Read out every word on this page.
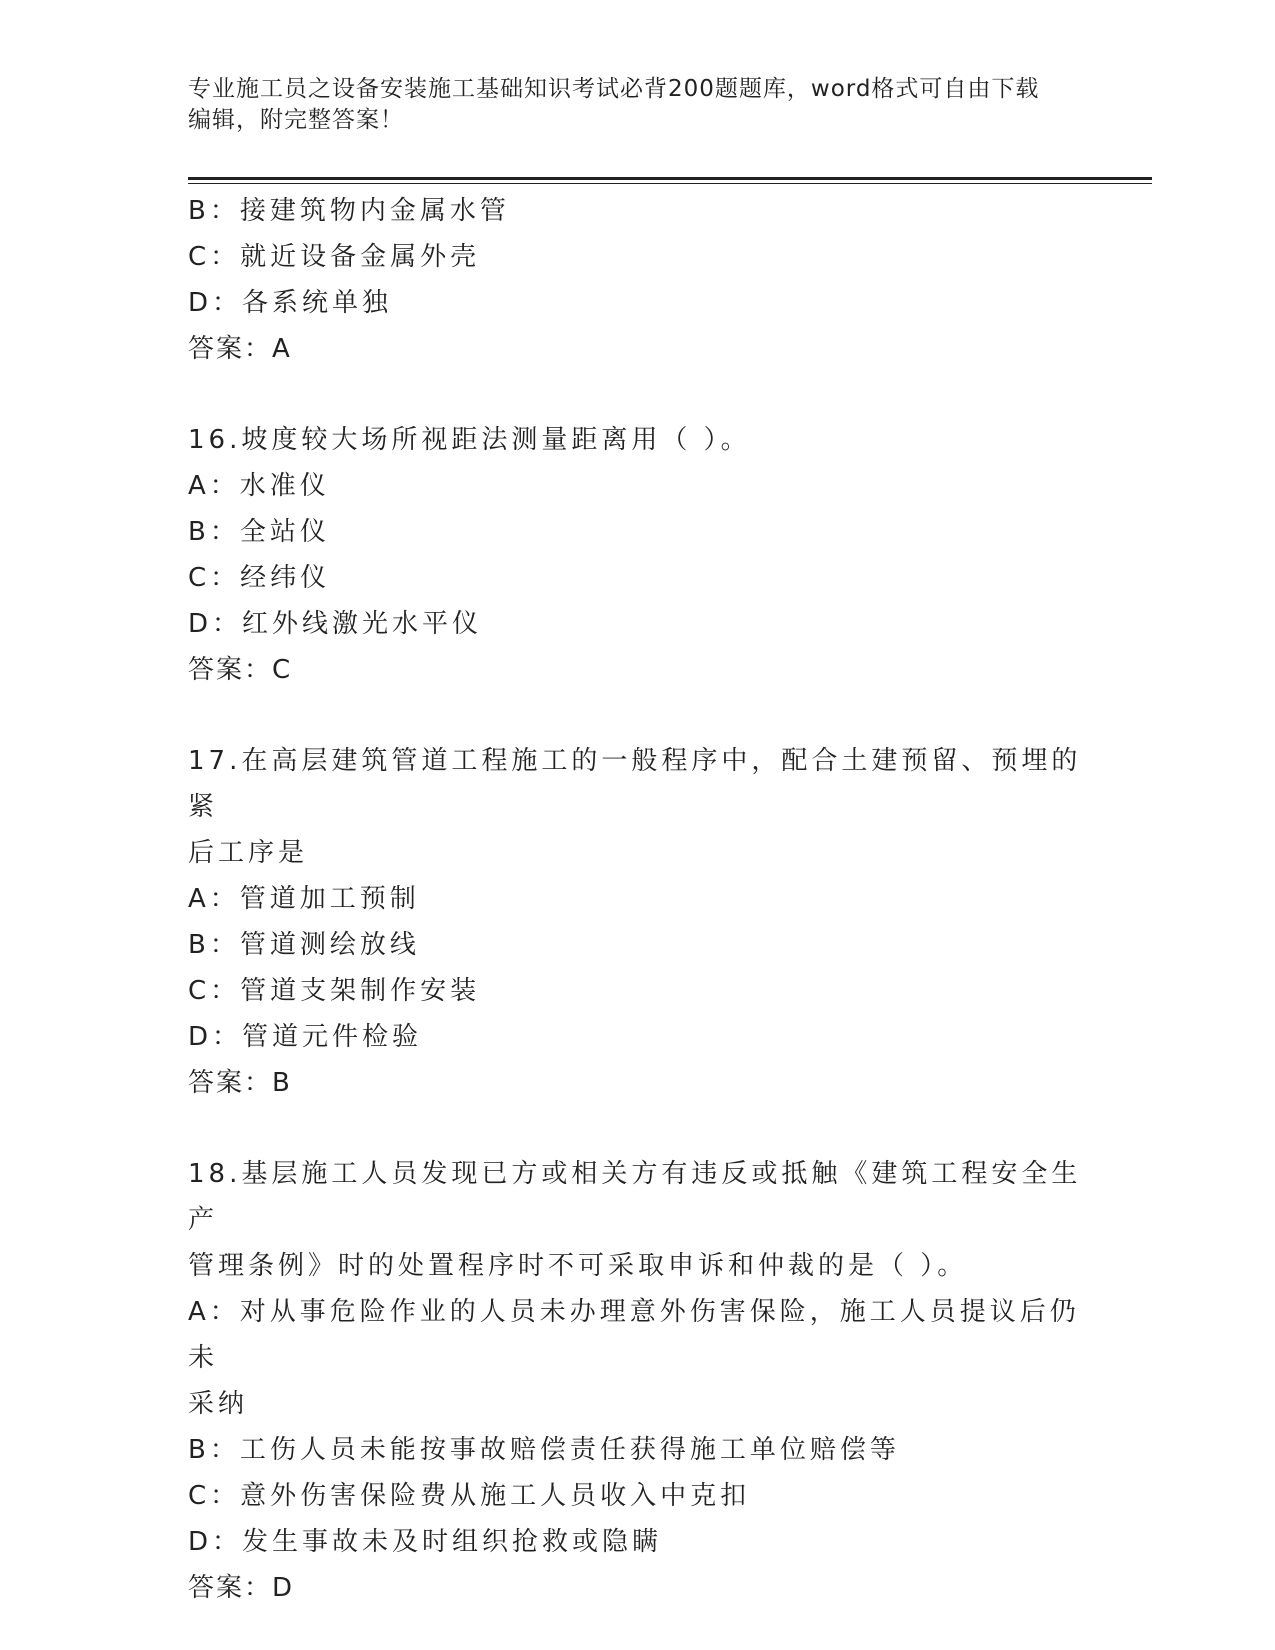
专业施工员之设备安装施工基础知识考试必背200题题库，word格式可自由下载
编辑，附完整答案！
B：接建筑物内金属水管
C：就近设备金属外壳
D：各系统单独
答案：A
16.坡度较大场所视距法测量距离用（ ）。
A：水准仪
B：全站仪
C：经纬仪
D：红外线激光水平仪
答案：C
17.在高层建筑管道工程施工的一般程序中，配合土建预留、预埋的紧
后工序是
A：管道加工预制
B：管道测绘放线
C：管道支架制作安装
D：管道元件检验
答案：B
18.基层施工人员发现已方或相关方有违反或抵触《建筑工程安全生产
管理条例》时的处置程序时不可采取申诉和仲裁的是（ ）。
A：对从事危险作业的人员未办理意外伤害保险，施工人员提议后仍未
采纳
B：工伤人员未能按事故赔偿责任获得施工单位赔偿等
C：意外伤害保险费从施工人员收入中克扣
D：发生事故未及时组织抢救或隐瞒
答案：D
